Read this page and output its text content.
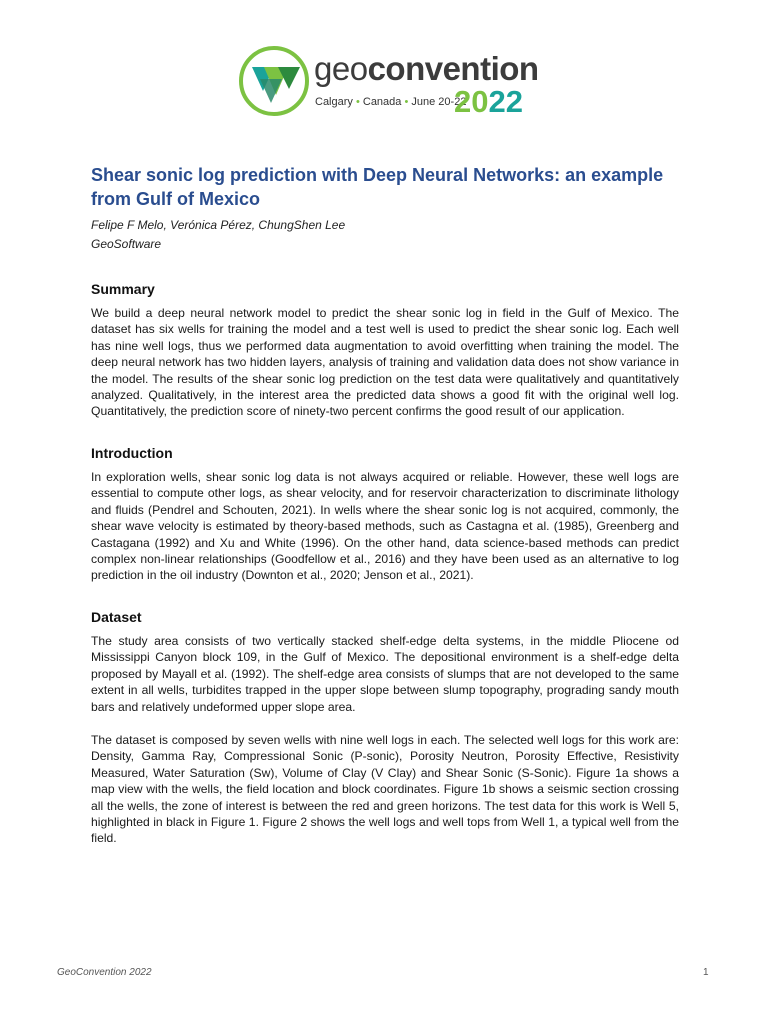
geoconvention
Calgary • Canada • June 20-22
2022
Shear sonic log prediction with Deep Neural Networks: an example from Gulf of Mexico

Felipe F Melo, Verónica Pérez, ChungShen Lee

GeoSoftware

Summary

We build a deep neural network model to predict the shear sonic log in field in the Gulf of Mexico. The dataset has six wells for training the model and a test well is used to predict the shear sonic log. Each well has nine well logs, thus we performed data augmentation to avoid overfitting when training the model. The deep neural network has two hidden layers, analysis of training and validation data does not show variance in the model. The results of the shear sonic log prediction on the test data were qualitatively and quantitatively analyzed. Qualitatively, in the interest area the predicted data shows a good fit with the original well log. Quantitatively, the prediction score of ninety-two percent confirms the good result of our application.

Introduction

In exploration wells, shear sonic log data is not always acquired or reliable. However, these well logs are essential to compute other logs, as shear velocity, and for reservoir characterization to discriminate lithology and fluids (Pendrel and Schouten, 2021). In wells where the shear sonic log is not acquired, commonly, the shear wave velocity is estimated by theory-based methods, such as Castagna et al. (1985), Greenberg and Castagana (1992) and Xu and White (1996). On the other hand, data science-based methods can predict complex non-linear relationships (Goodfellow et al., 2016) and they have been used as an alternative to log prediction in the oil industry (Downton et al., 2020; Jenson et al., 2021).

Dataset

The study area consists of two vertically stacked shelf-edge delta systems, in the middle Pliocene od Mississippi Canyon block 109, in the Gulf of Mexico. The depositional environment is a shelf-edge delta proposed by Mayall et al. (1992). The shelf-edge area consists of slumps that are not developed to the same extent in all wells, turbidites trapped in the upper slope between slump topography, prograding sandy mouth bars and relatively undeformed upper slope area.

The dataset is composed by seven wells with nine well logs in each. The selected well logs for this work are: Density, Gamma Ray, Compressional Sonic (P-sonic), Porosity Neutron, Porosity Effective, Resistivity Measured, Water Saturation (Sw), Volume of Clay (V Clay) and Shear Sonic (S-Sonic). Figure 1a shows a map view with the wells, the field location and block coordinates. Figure 1b shows a seismic section crossing all the wells, the zone of interest is between the red and green horizons. The test data for this work is Well 5, highlighted in black in Figure 1. Figure 2 shows the well logs and well tops from Well 1, a typical well from the field.

GeoConvention 2022	1
